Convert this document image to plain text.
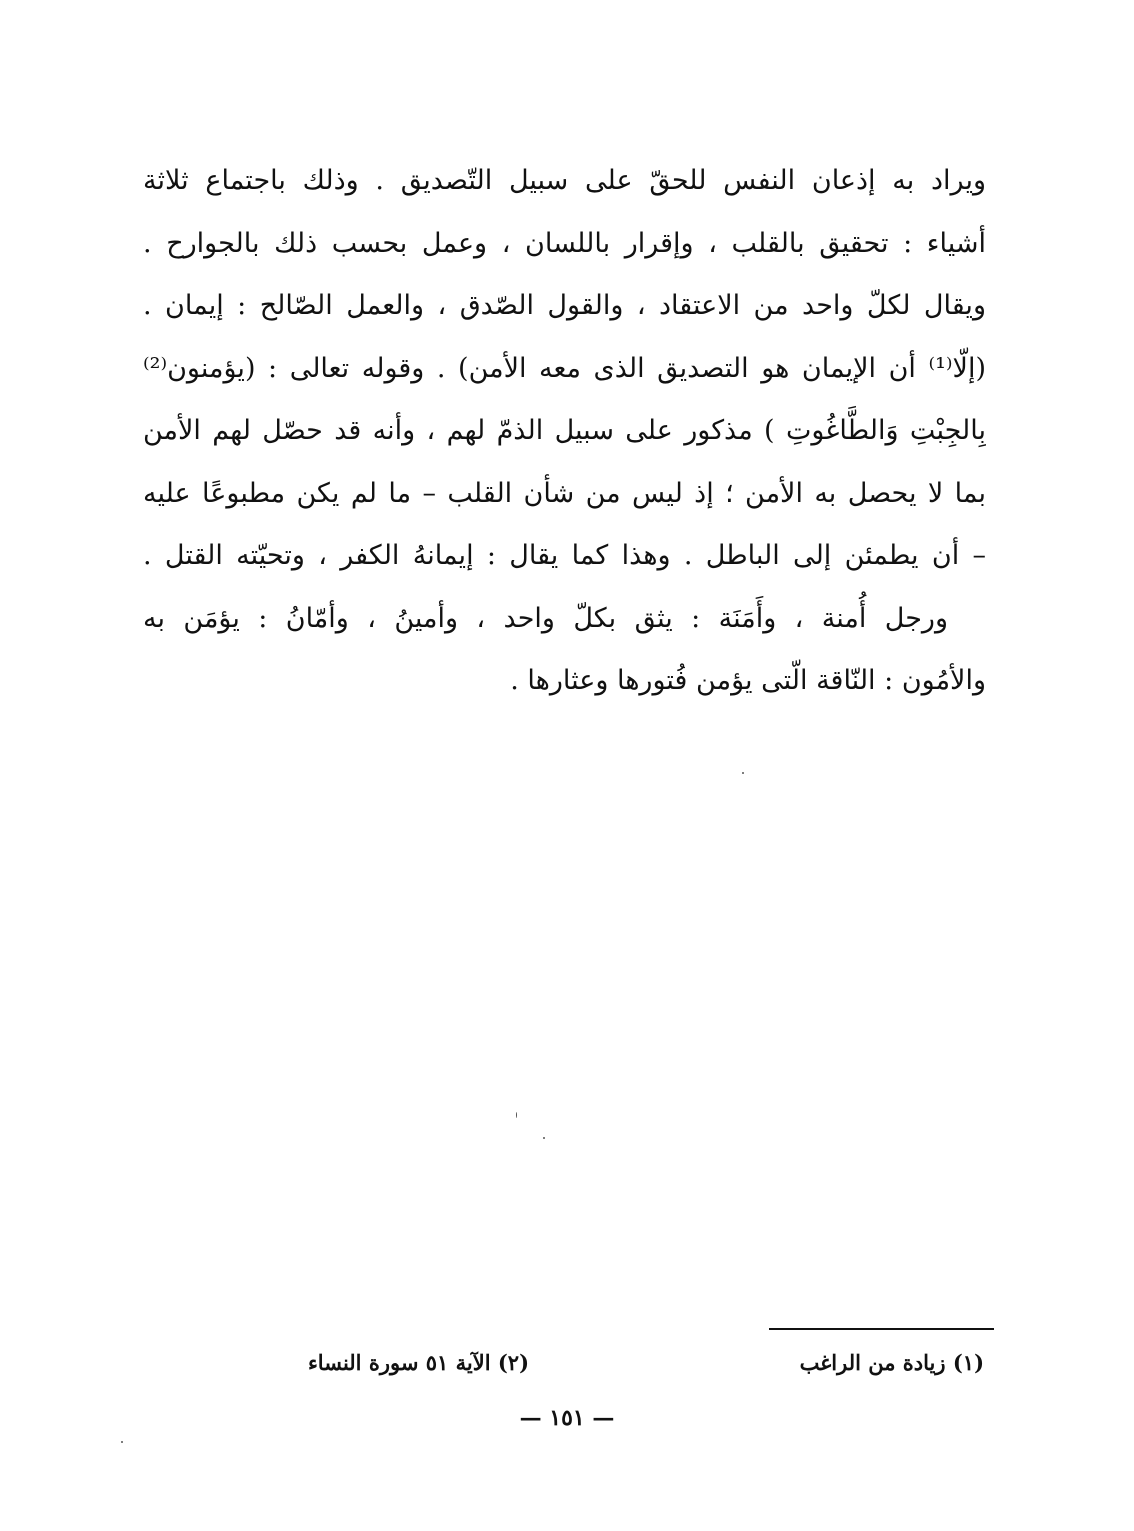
ويراد به إذعان النفس للحقّ على سبيل التّصديق . وذلك باجتماع ثلاثة
أشياء : تحقيق بالقلب ، وإقرار باللسان ، وعمل بحسب ذلك بالجوارح .
ويقال لكلّ واحد من الاعتقاد ، والقول الصّدق ، والعمل الصّالح : إيمان .
(إلّا⁽¹⁾ أن الإيمان هو التصديق الذى معه الأمن) . وقوله تعالى : (يؤمنون⁽²⁾
بِالجِبْتِ وَالطَّاغُوتِ ) مذكور على سبيل الذمّ لهم ، وأنه قد حصّل لهم الأمن
بما لا يحصل به الأمن ؛ إذ ليس من شأن القلب – ما لم يكن مطبوعًا عليه
– أن يطمئن إلى الباطل . وهذا كما يقال : إيمانهُ الكفر ، وتحيّته القتل .
ورجل أُمنة ، وأَمَنَة : يثق بكلّ واحد ، وأمينُ ، وأمّانُ : يؤمَن به
والأمُون : النّاقة الّتى يؤمن فُتورها وعثارها .
(١) زيادة من الراغب
(٢) الآية ٥١ سورة النساء
— ١٥١ —
